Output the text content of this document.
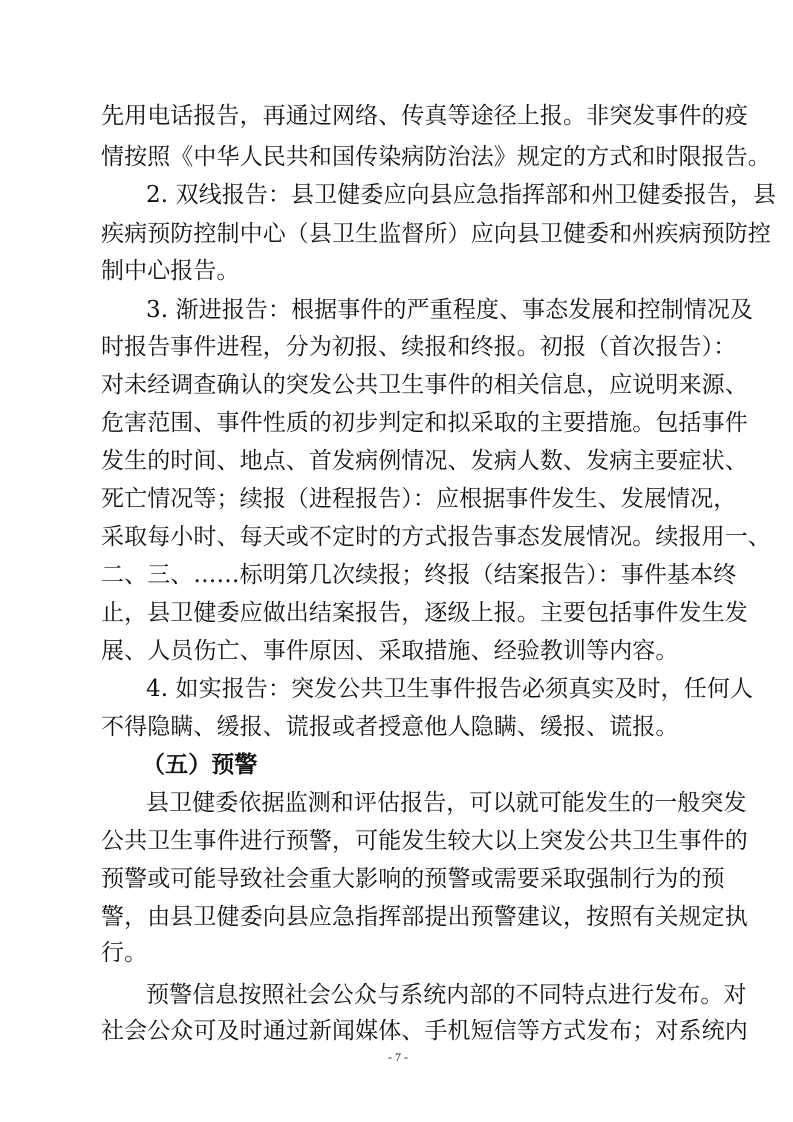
先用电话报告，再通过网络、传真等途径上报。非突发事件的疫
情按照《中华人民共和国传染病防治法》规定的方式和时限报告。
2. 双线报告：县卫健委应向县应急指挥部和州卫健委报告，县
疾病预防控制中心（县卫生监督所）应向县卫健委和州疾病预防控
制中心报告。
3. 渐进报告：根据事件的严重程度、事态发展和控制情况及
时报告事件进程，分为初报、续报和终报。初报（首次报告）：
对未经调查确认的突发公共卫生事件的相关信息，应说明来源、
危害范围、事件性质的初步判定和拟采取的主要措施。包括事件
发生的时间、地点、首发病例情况、发病人数、发病主要症状、
死亡情况等；续报（进程报告）：应根据事件发生、发展情况，
采取每小时、每天或不定时的方式报告事态发展情况。续报用一、
二、三、……标明第几次续报；终报（结案报告）：事件基本终
止，县卫健委应做出结案报告，逐级上报。主要包括事件发生发
展、人员伤亡、事件原因、采取措施、经验教训等内容。
4. 如实报告：突发公共卫生事件报告必须真实及时，任何人
不得隐瞒、缓报、谎报或者授意他人隐瞒、缓报、谎报。
（五）预警
县卫健委依据监测和评估报告，可以就可能发生的一般突发
公共卫生事件进行预警，可能发生较大以上突发公共卫生事件的
预警或可能导致社会重大影响的预警或需要采取强制行为的预
警，由县卫健委向县应急指挥部提出预警建议，按照有关规定执
行。
预警信息按照社会公众与系统内部的不同特点进行发布。对
社会公众可及时通过新闻媒体、手机短信等方式发布；对系统内
- 7 -
